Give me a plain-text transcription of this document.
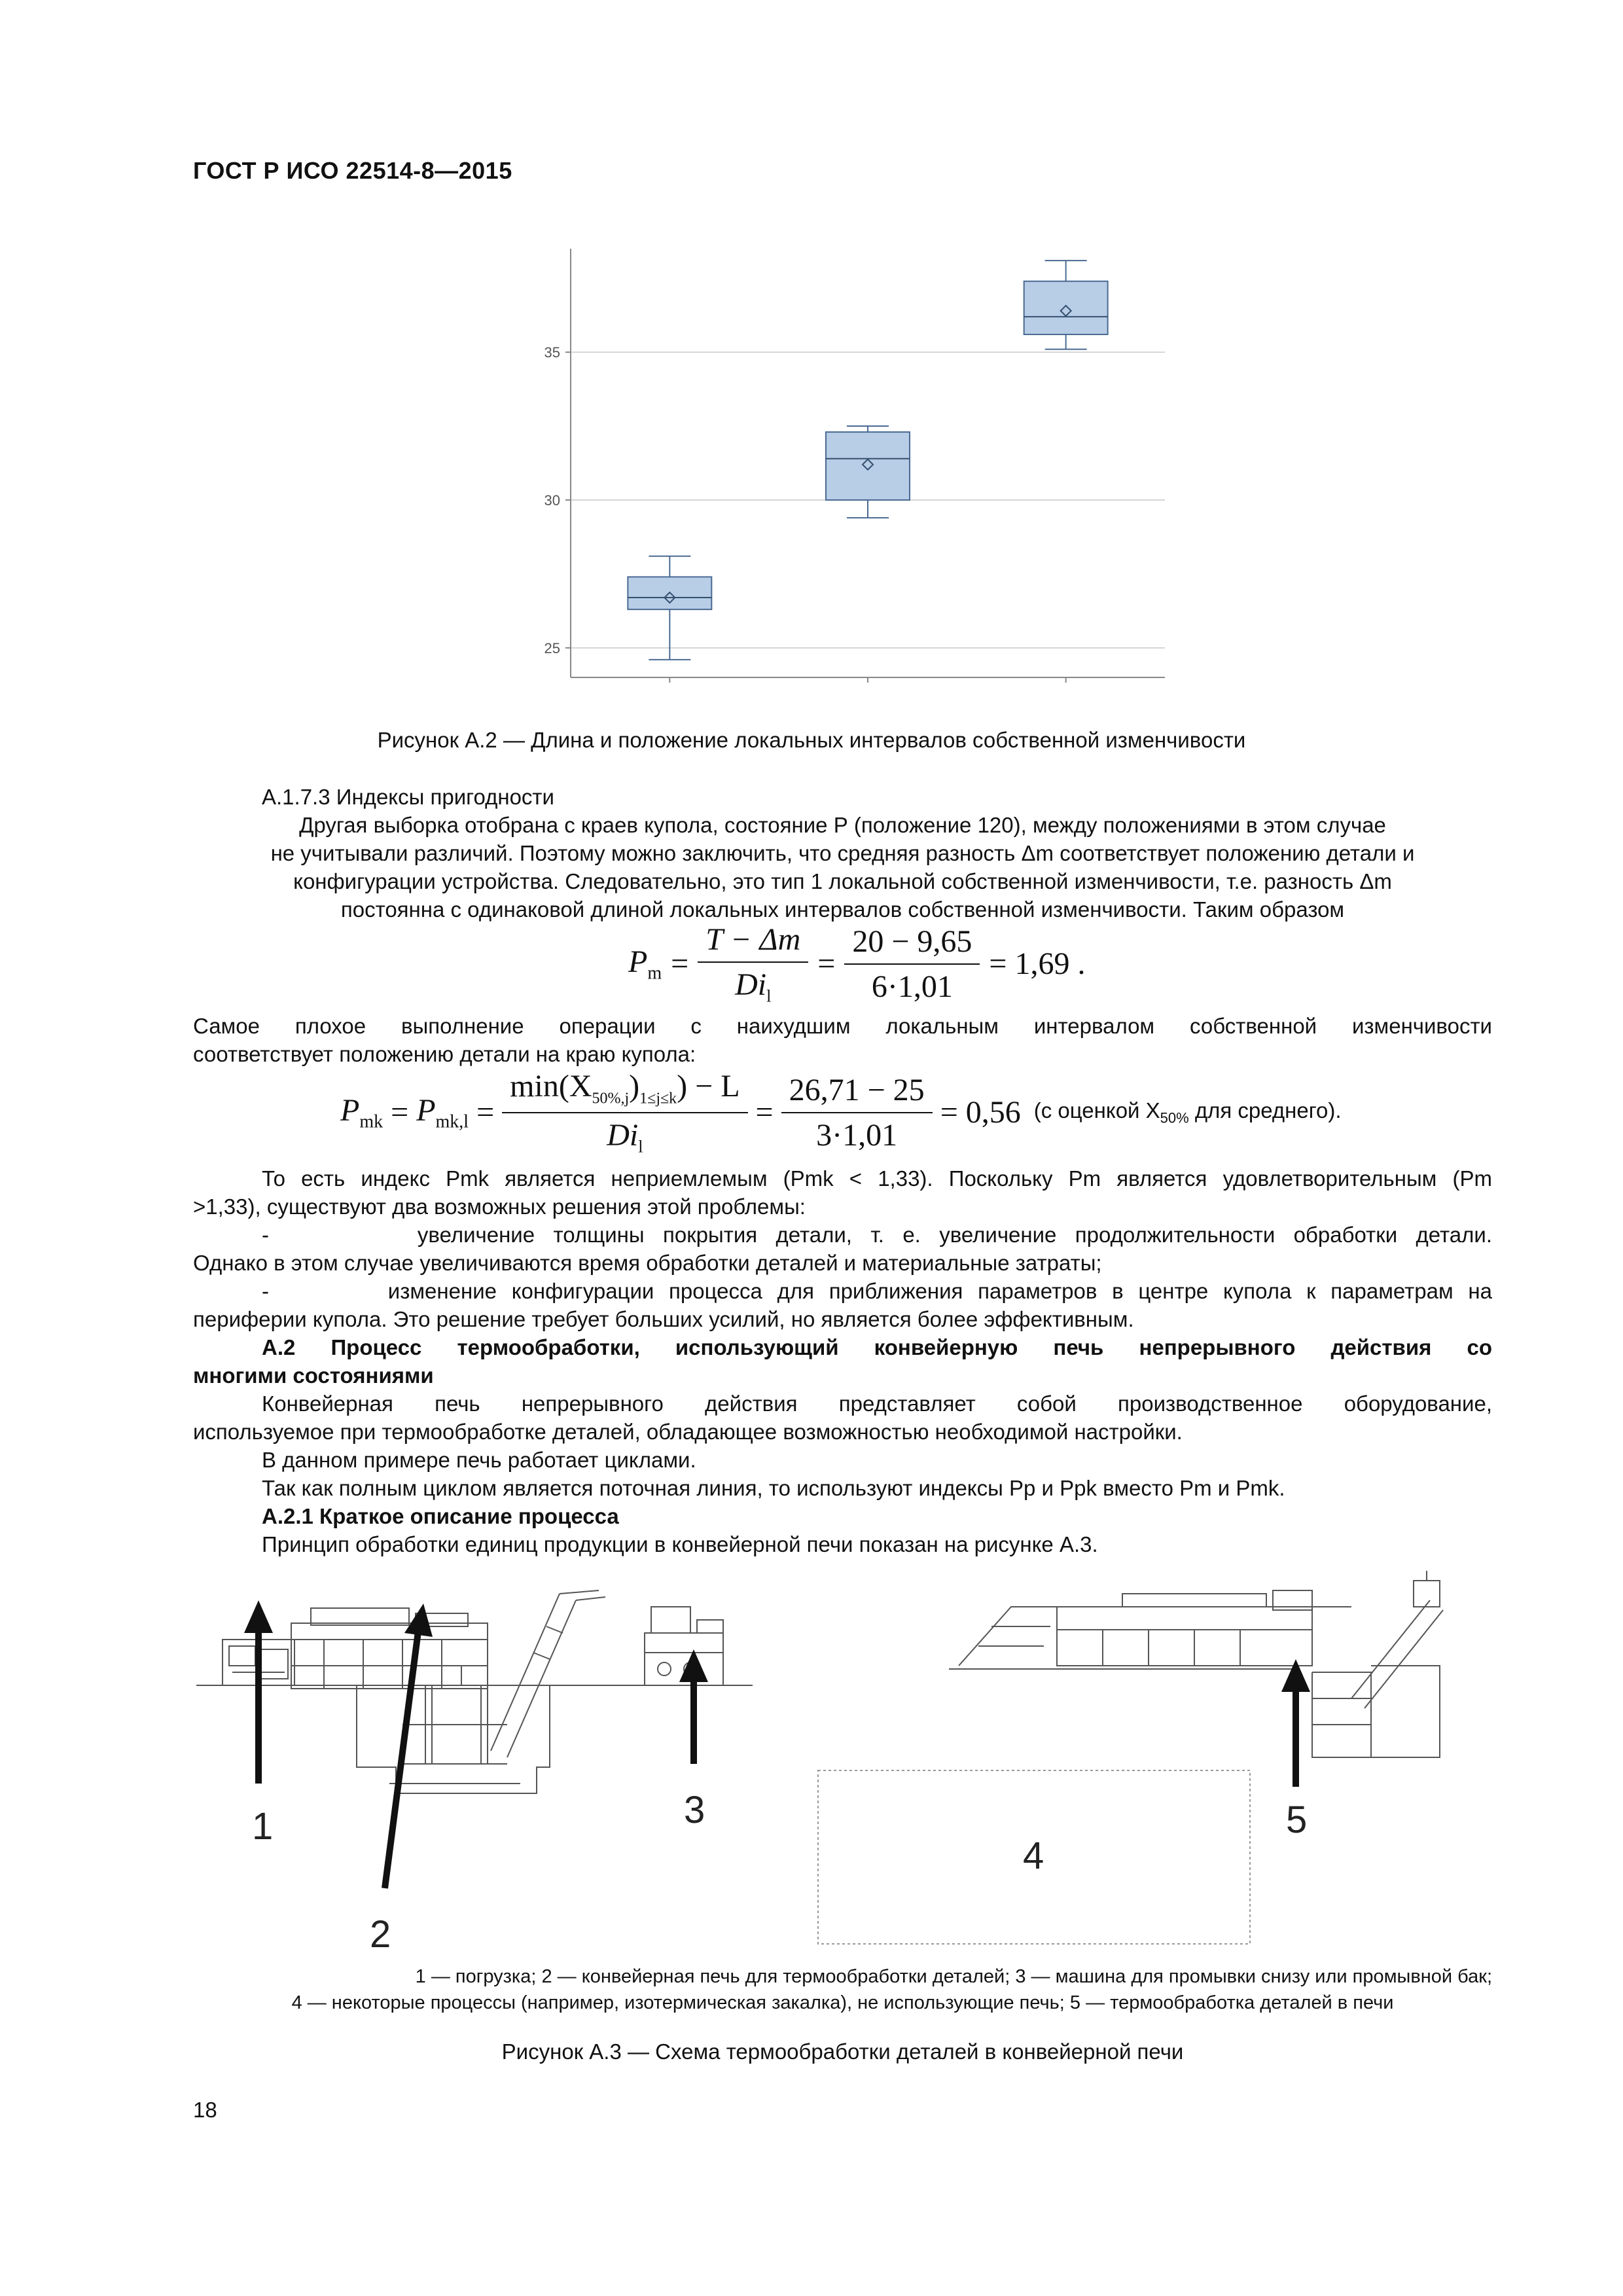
ГОСТ Р ИСО 22514-8—2015
25
30
35
Рисунок А.2 — Длина и положение локальных интервалов собственной изменчивости
А.1.7.3 Индексы пригодности
Другая выборка отобрана с краев купола, состояние Р (положение 120), между положениями в этом случае
не учитывали различий. Поэтому можно заключить, что средняя разность Δm соответствует положению детали и
конфигурации устройства. Следовательно, это тип 1 локальной собственной изменчивости, т.е. разность Δm
постоянна с одинаковой длиной локальных интервалов собственной изменчивости. Таким образом
$P_m = \frac{T - \Delta m}{Di_l} = \frac{20 - 9,65}{6\cdot 1,01} = 1,69$ .
Самое плохое выполнение операции с наихудшим локальным интервалом собственной изменчивости
соответствует положению детали на краю купола:
$P_{mk} = P_{mk,l} = \frac{\min(X_{50\%,j})_{1\le j\le k}) - L}{Di_l} = \frac{26,71 - 25}{3\cdot 1,01} = 0,56$ (с оценкой $X_{50\%}$ для среднего).
То есть индекс Pmk является неприемлемым (Pmk < 1,33). Поскольку Pm является удовлетворительным (Pm
>1,33), существуют два возможных решения этой проблемы:
-        увеличение толщины покрытия детали, т. е. увеличение продолжительности обработки детали.
Однако в этом случае увеличиваются время обработки деталей и материальные затраты;
-        изменение конфигурации процесса для приближения параметров в центре купола к параметрам на
периферии купола. Это решение требует больших усилий, но является более эффективным.
А.2 Процесс термообработки, использующий конвейерную печь непрерывного действия со
многими состояниями
Конвейерная печь непрерывного действия представляет собой производственное оборудование,
используемое при термообработке деталей, обладающее возможностью необходимой настройки.
В данном примере печь работает циклами.
Так как полным циклом является поточная линия, то используют индексы Pp и Ppk вместо Pm и Pmk.
А.2.1 Краткое описание процесса
Принцип обработки единиц продукции в конвейерной печи показан на рисунке А.3.
1
2
3
4
5
1 — погрузка; 2 — конвейерная печь для термообработки деталей; 3 — машина для промывки снизу или промывной бак;
4 — некоторые процессы (например, изотермическая закалка), не использующие печь; 5 — термообработка деталей в печи
Рисунок А.3 — Схема термообработки деталей в конвейерной печи
18
